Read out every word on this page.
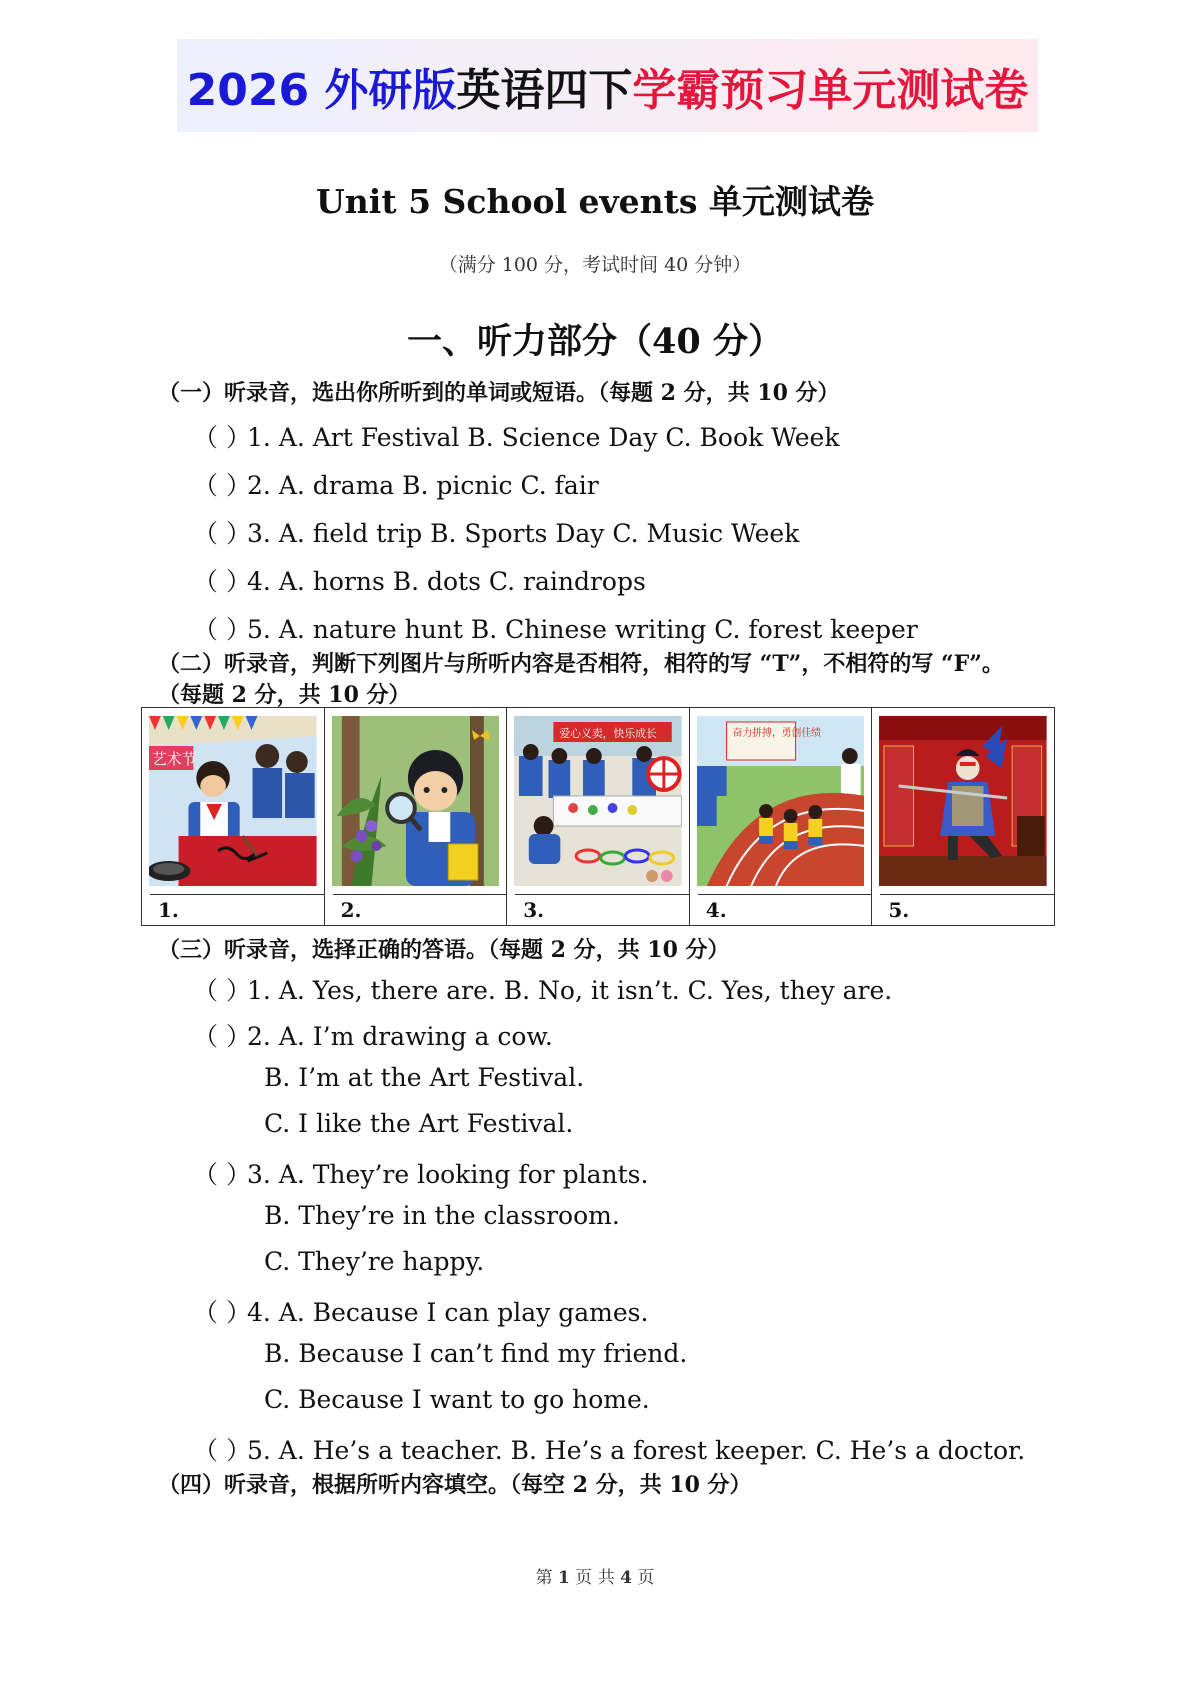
2026 外研版 英语四下 学霸预习单元测试卷
Unit 5 School events 单元测试卷
（满分 100 分，考试时间 40 分钟）
一、听力部分（40 分）
（一）听录音，选出你所听到的单词或短语。（每题 2 分，共 10 分）
（ ）1. A. Art Festival B. Science Day C. Book Week
（ ）2. A. drama B. picnic C. fair
（ ）3. A. field trip B. Sports Day C. Music Week
（ ）4. A. horns B. dots C. raindrops
（ ）5. A. nature hunt B. Chinese writing C. forest keeper
（二）听录音，判断下列图片与所听内容是否相符，相符的写 “T”，不相符的写 “F”。
（每题 2 分，共 10 分）
艺术节
1.	2.
爱心义卖，快乐成长
3.
奋力拼搏，勇创佳绩
4.	5.
（三）听录音，选择正确的答语。（每题 2 分，共 10 分）
（ ）1. A. Yes, there are. B. No, it isn’t. C. Yes, they are.
（ ）2. A. I’m drawing a cow.
B. I’m at the Art Festival.
C. I like the Art Festival.
（ ）3. A. They’re looking for plants.
B. They’re in the classroom.
C. They’re happy.
（ ）4. A. Because I can play games.
B. Because I can’t find my friend.
C. Because I want to go home.
（ ）5. A. He’s a teacher. B. He’s a forest keeper. C. He’s a doctor.
（四）听录音，根据所听内容填空。（每空 2 分，共 10 分）
第 1 页 共 4 页
